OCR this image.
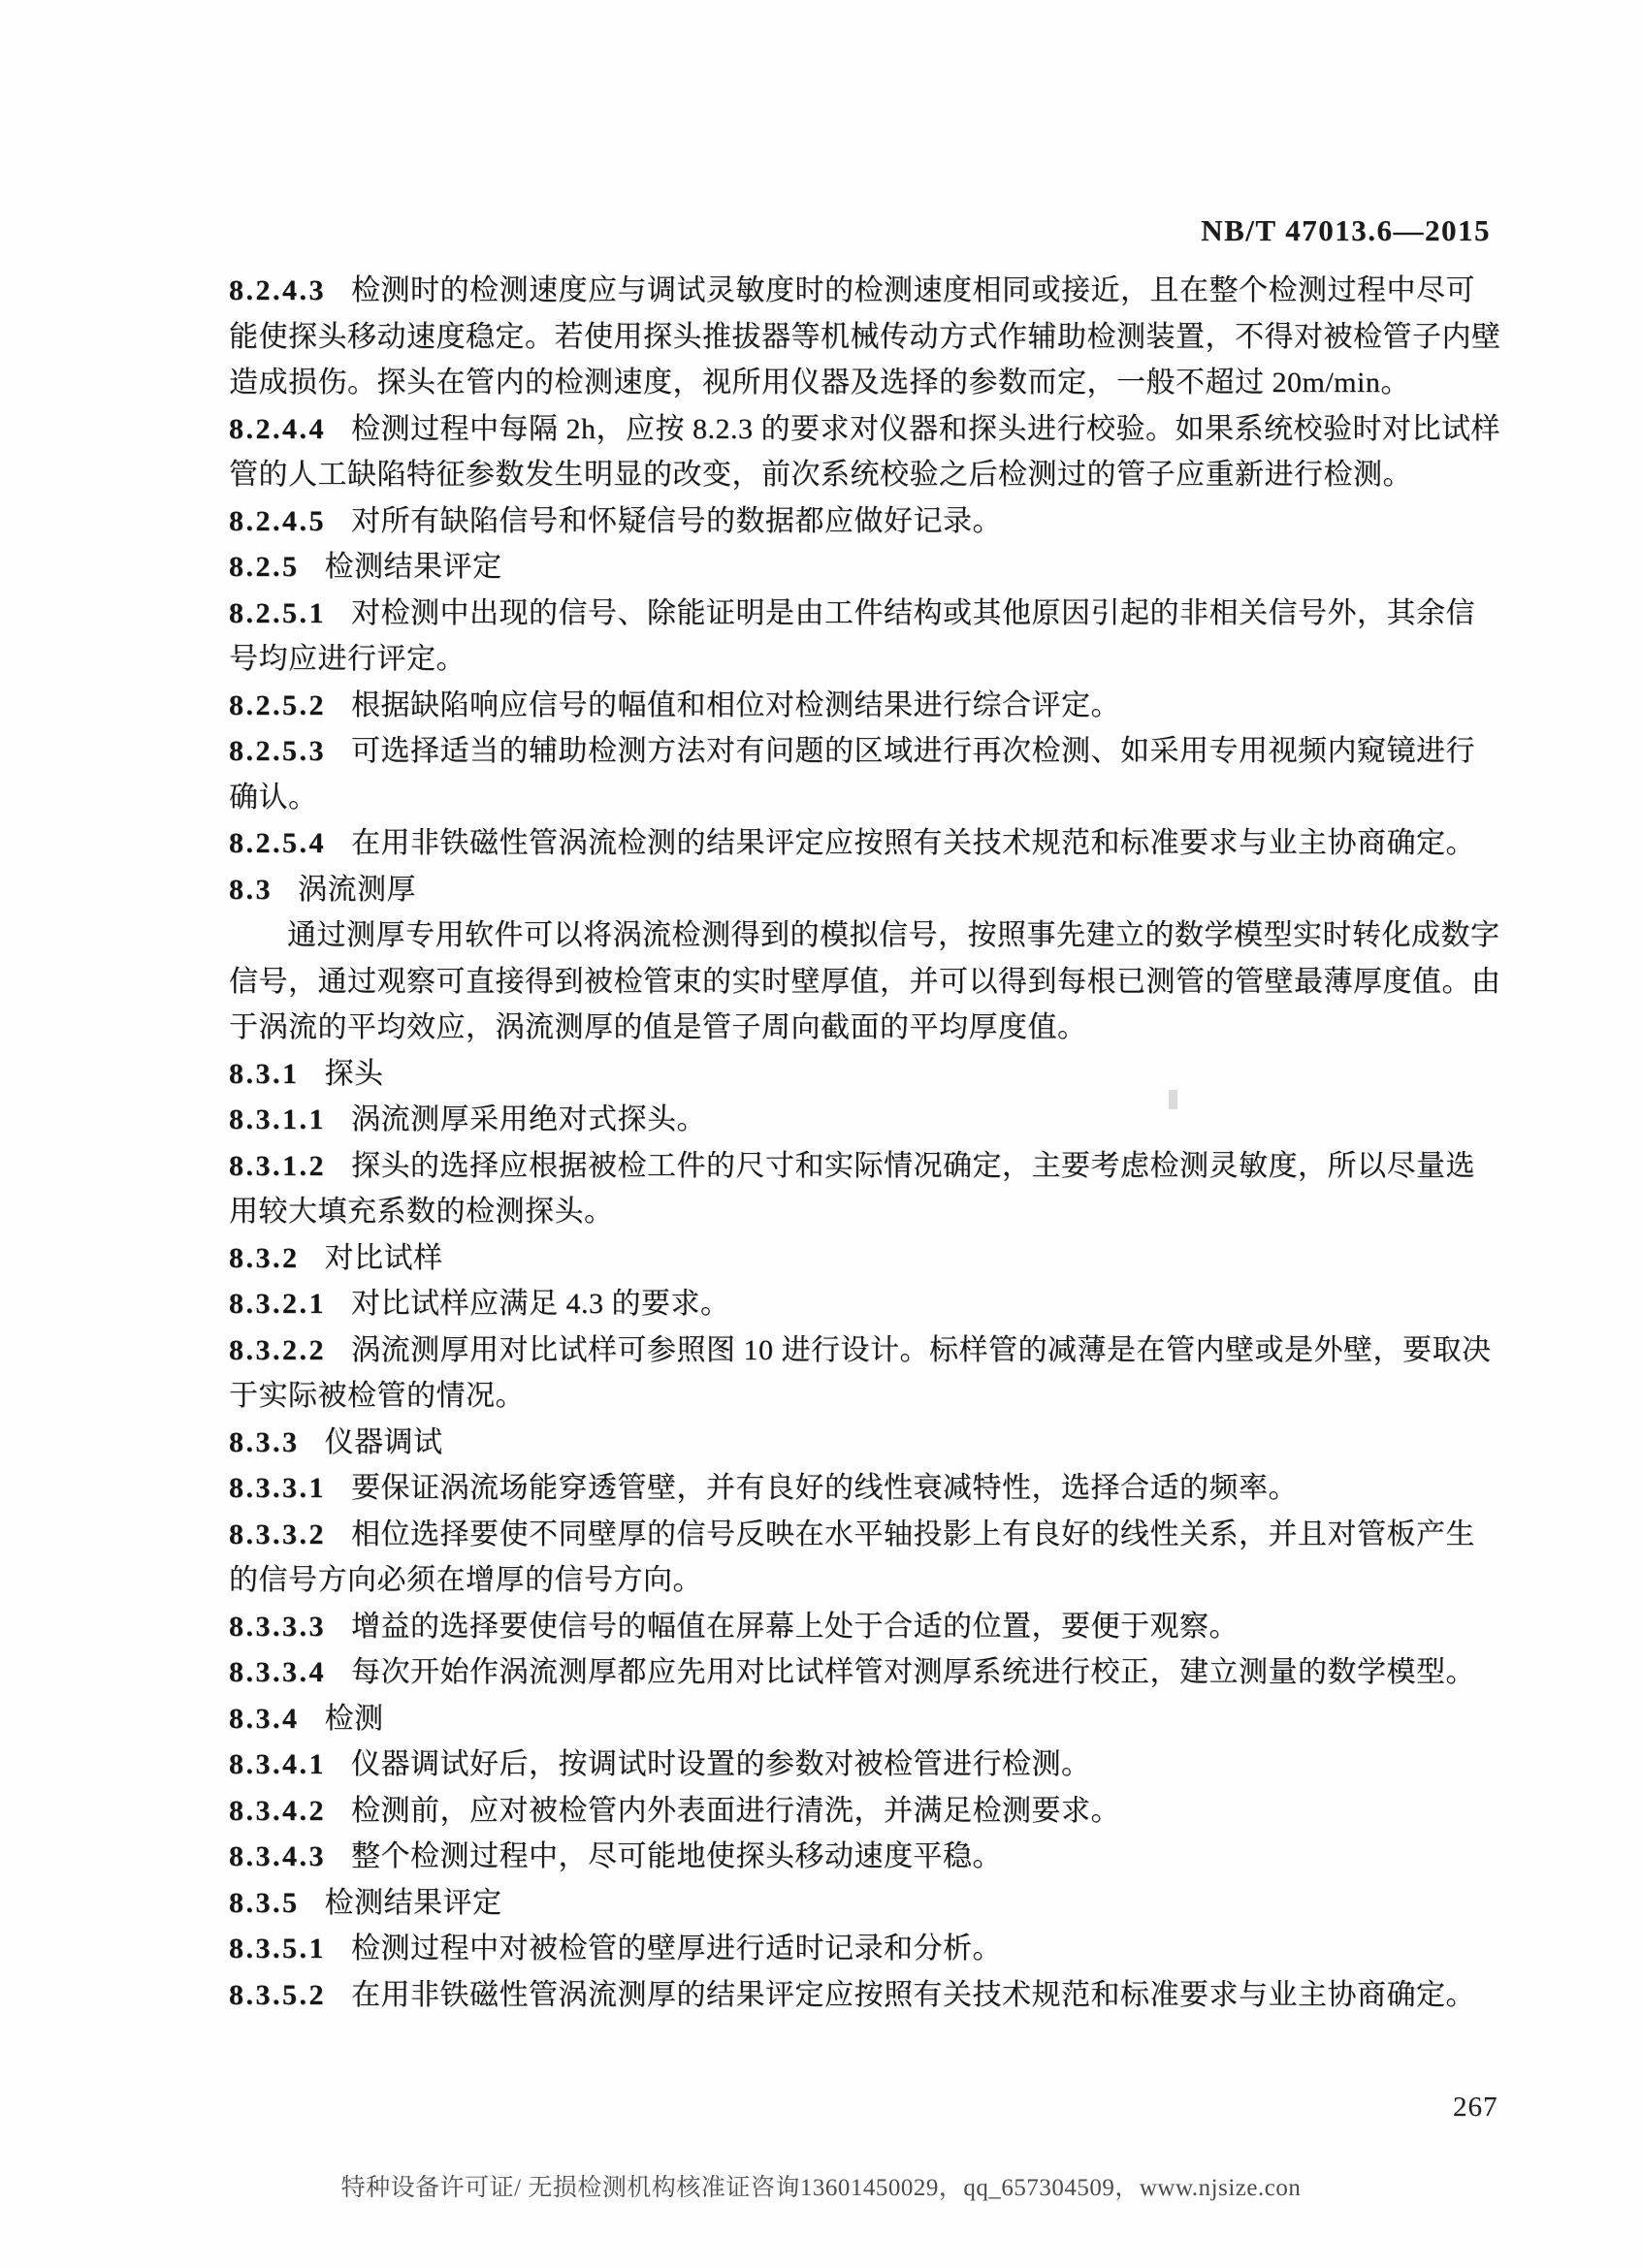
NB/T 47013.6—2015
8.2.4.3 检测时的检测速度应与调试灵敏度时的检测速度相同或接近，且在整个检测过程中尽可
能使探头移动速度稳定。若使用探头推拔器等机械传动方式作辅助检测装置，不得对被检管子内壁
造成损伤。探头在管内的检测速度，视所用仪器及选择的参数而定，一般不超过 20m/min。
8.2.4.4 检测过程中每隔 2h，应按 8.2.3 的要求对仪器和探头进行校验。如果系统校验时对比试样
管的人工缺陷特征参数发生明显的改变，前次系统校验之后检测过的管子应重新进行检测。
8.2.4.5 对所有缺陷信号和怀疑信号的数据都应做好记录。
8.2.5 检测结果评定
8.2.5.1 对检测中出现的信号、除能证明是由工件结构或其他原因引起的非相关信号外，其余信
号均应进行评定。
8.2.5.2 根据缺陷响应信号的幅值和相位对检测结果进行综合评定。
8.2.5.3 可选择适当的辅助检测方法对有问题的区域进行再次检测、如采用专用视频内窥镜进行
确认。
8.2.5.4 在用非铁磁性管涡流检测的结果评定应按照有关技术规范和标准要求与业主协商确定。
8.3 涡流测厚
通过测厚专用软件可以将涡流检测得到的模拟信号，按照事先建立的数学模型实时转化成数字
信号，通过观察可直接得到被检管束的实时壁厚值，并可以得到每根已测管的管壁最薄厚度值。由
于涡流的平均效应，涡流测厚的值是管子周向截面的平均厚度值。
8.3.1 探头
8.3.1.1 涡流测厚采用绝对式探头。
8.3.1.2 探头的选择应根据被检工件的尺寸和实际情况确定，主要考虑检测灵敏度，所以尽量选
用较大填充系数的检测探头。
8.3.2 对比试样
8.3.2.1 对比试样应满足 4.3 的要求。
8.3.2.2 涡流测厚用对比试样可参照图 10 进行设计。标样管的减薄是在管内壁或是外壁，要取决
于实际被检管的情况。
8.3.3 仪器调试
8.3.3.1 要保证涡流场能穿透管壁，并有良好的线性衰减特性，选择合适的频率。
8.3.3.2 相位选择要使不同壁厚的信号反映在水平轴投影上有良好的线性关系，并且对管板产生
的信号方向必须在增厚的信号方向。
8.3.3.3 增益的选择要使信号的幅值在屏幕上处于合适的位置，要便于观察。
8.3.3.4 每次开始作涡流测厚都应先用对比试样管对测厚系统进行校正，建立测量的数学模型。
8.3.4 检测
8.3.4.1 仪器调试好后，按调试时设置的参数对被检管进行检测。
8.3.4.2 检测前，应对被检管内外表面进行清洗，并满足检测要求。
8.3.4.3 整个检测过程中，尽可能地使探头移动速度平稳。
8.3.5 检测结果评定
8.3.5.1 检测过程中对被检管的壁厚进行适时记录和分析。
8.3.5.2 在用非铁磁性管涡流测厚的结果评定应按照有关技术规范和标准要求与业主协商确定。
267
特种设备许可证/ 无损检测机构核准证咨询13601450029，qq_657304509，www.njsize.con
